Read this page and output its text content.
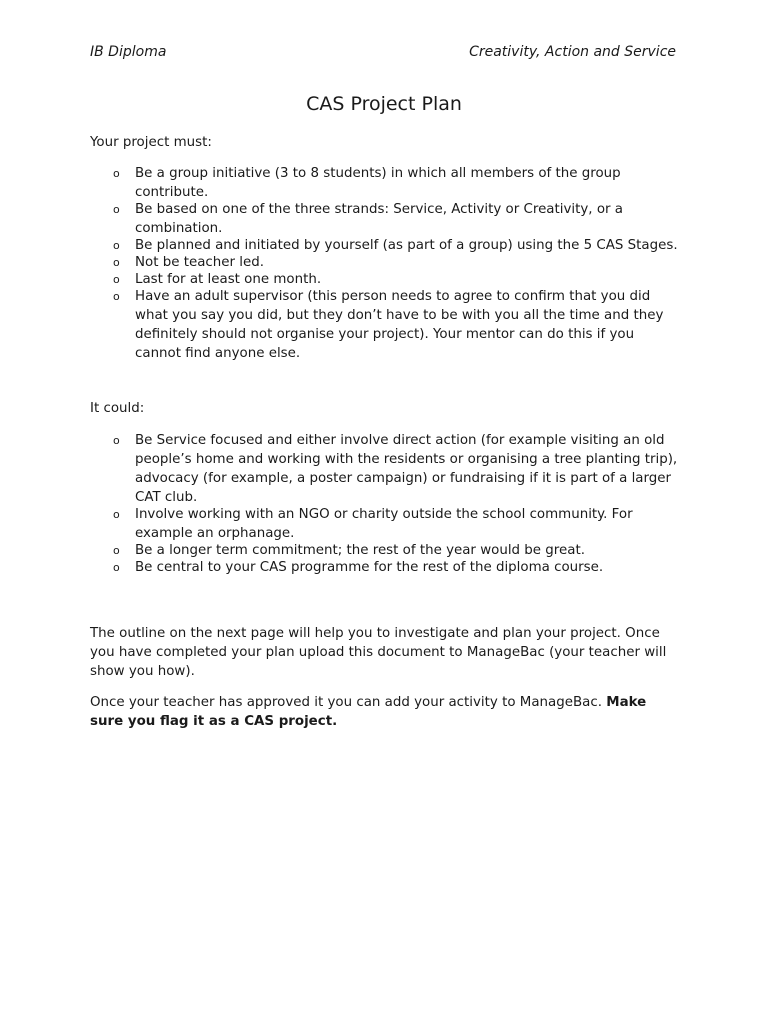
IB Diploma	Creativity, Action and Service
CAS Project Plan

Your project must:

o Be a group initiative (3 to 8 students) in which all members of the group contribute.
o Be based on one of the three strands: Service, Activity or Creativity, or a combination.
o Be planned and initiated by yourself (as part of a group) using the 5 CAS Stages.
o Not be teacher led.
o Last for at least one month.
o Have an adult supervisor (this person needs to agree to confirm that you did what you say you did, but they don’t have to be with you all the time and they definitely should not organise your project). Your mentor can do this if you cannot find anyone else.

It could:

o Be Service focused and either involve direct action (for example visiting an old people’s home and working with the residents or organising a tree planting trip), advocacy (for example, a poster campaign) or fundraising if it is part of a larger CAT club.
o Involve working with an NGO or charity outside the school community. For example an orphanage.
o Be a longer term commitment; the rest of the year would be great.
o Be central to your CAS programme for the rest of the diploma course.

The outline on the next page will help you to investigate and plan your project. Once you have completed your plan upload this document to ManageBac (your teacher will show you how).

Once your teacher has approved it you can add your activity to ManageBac. Make sure you flag it as a CAS project.
